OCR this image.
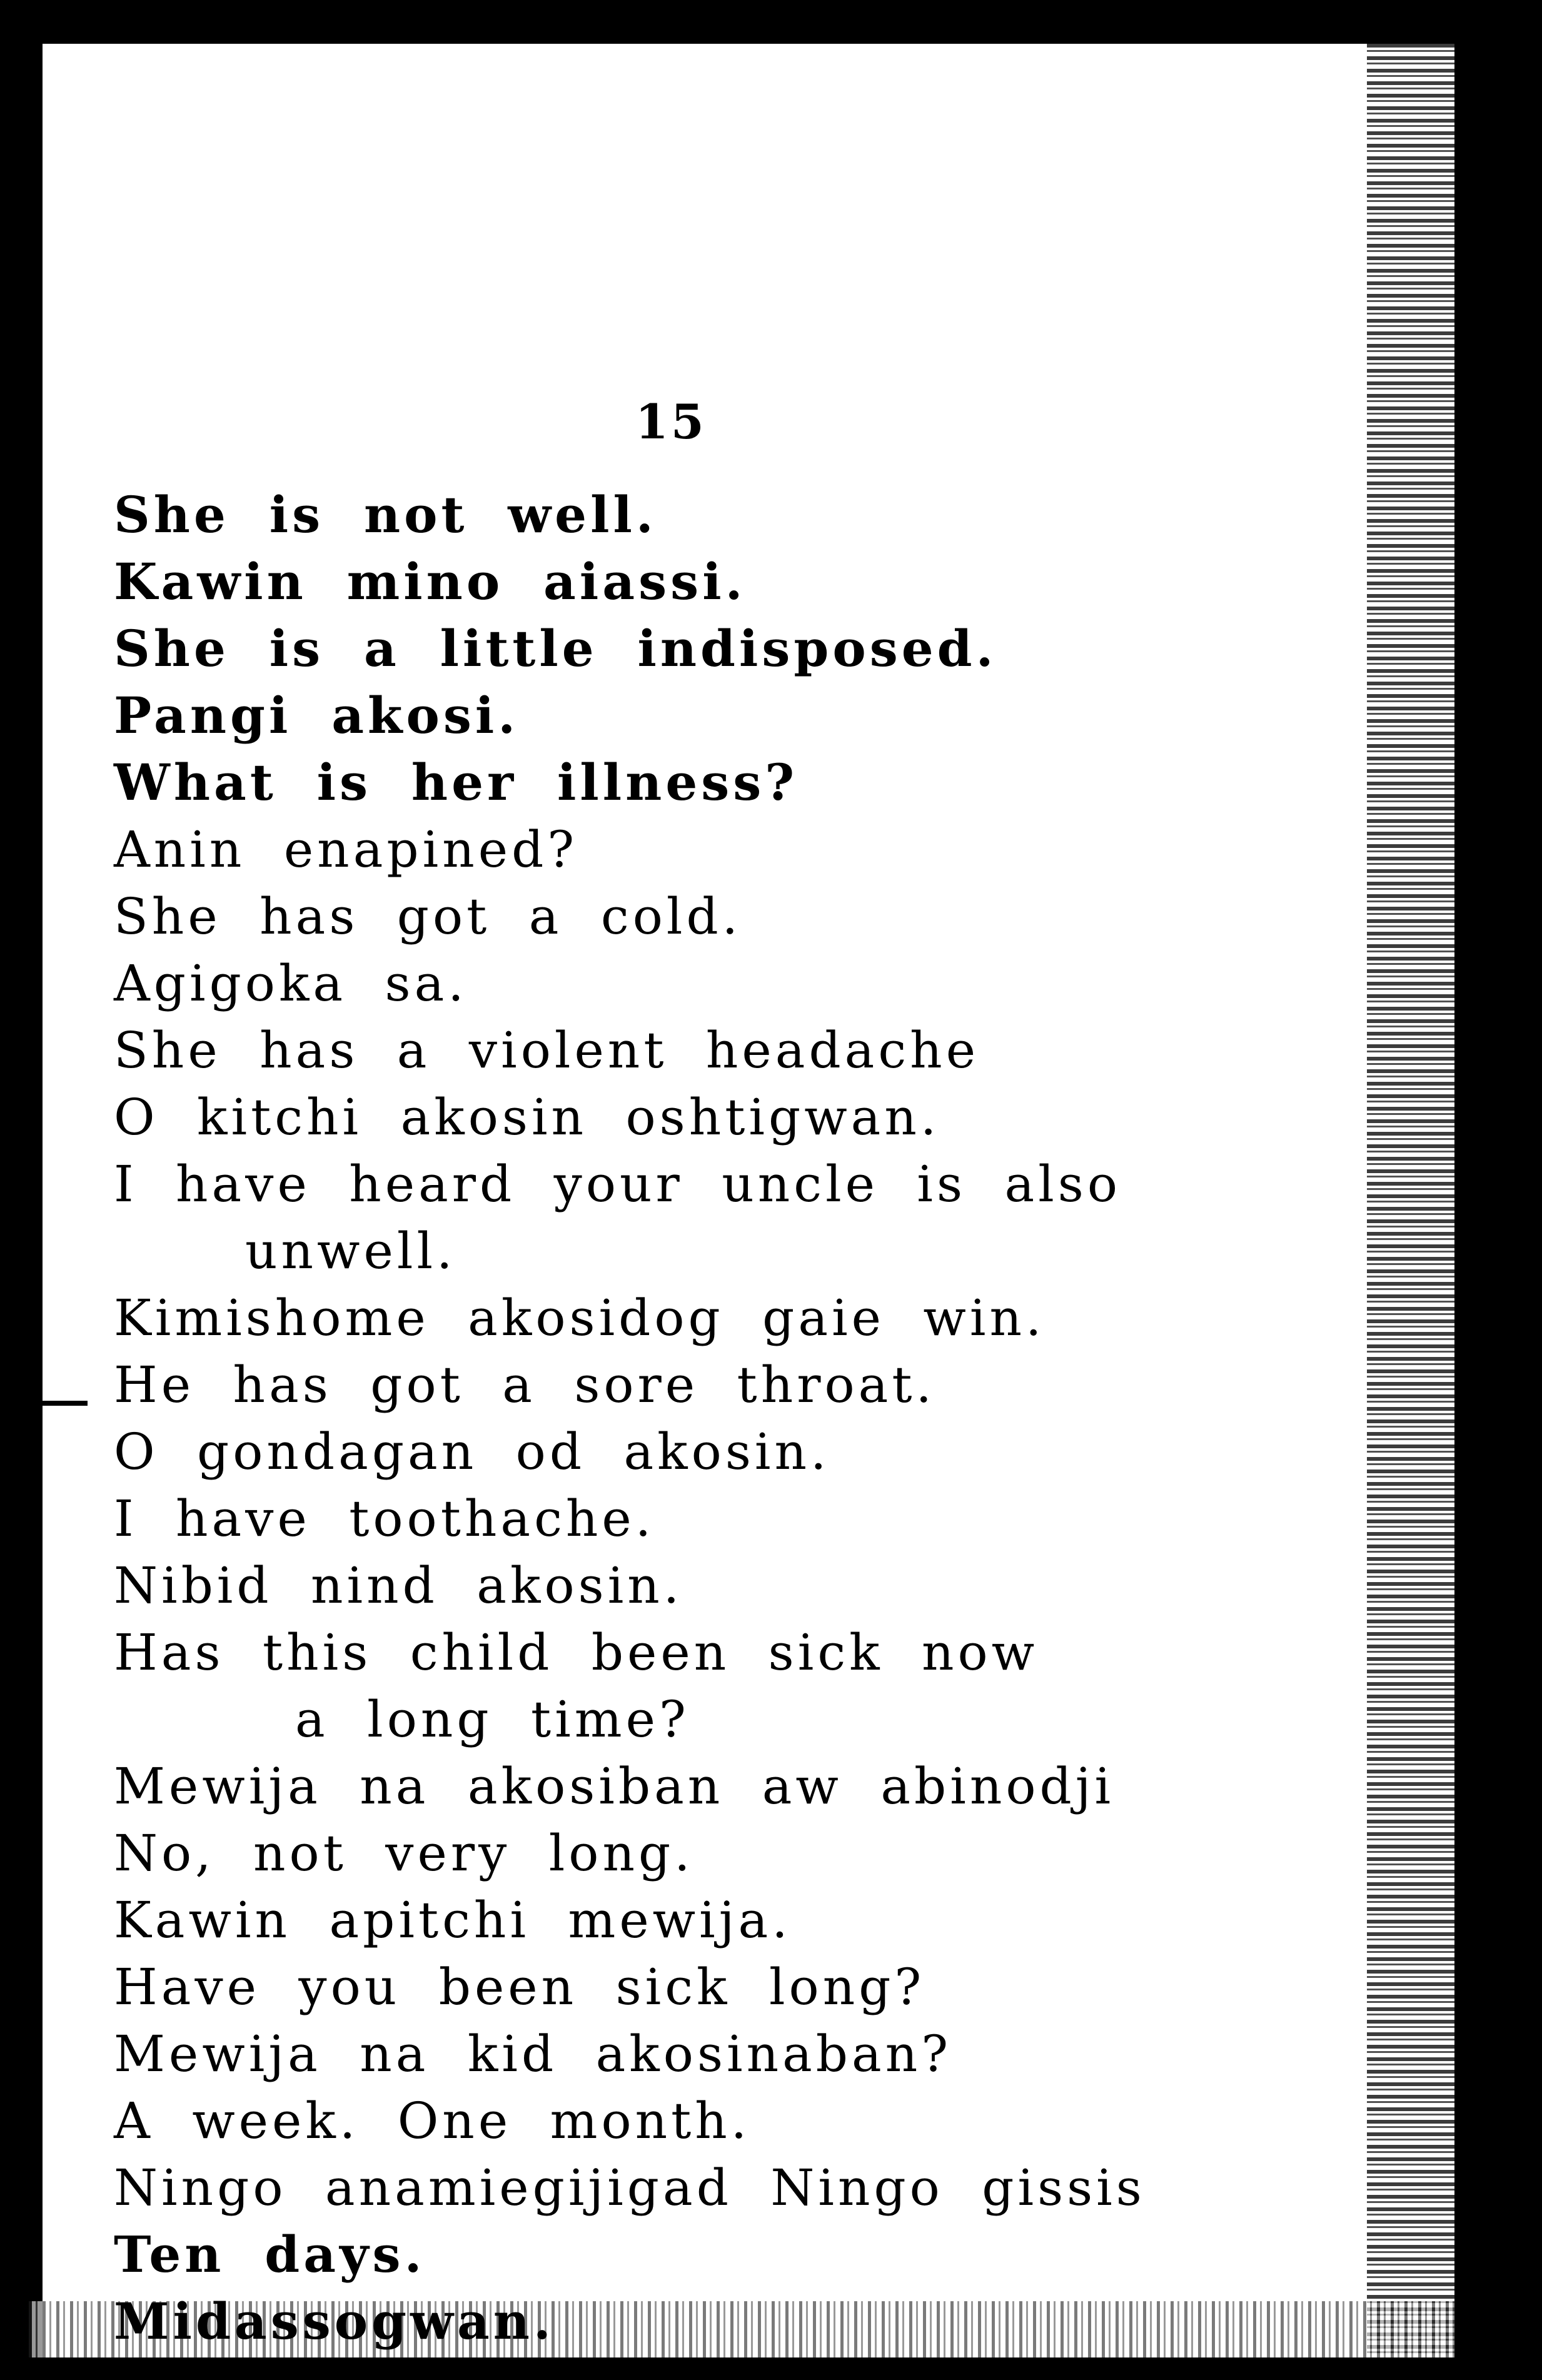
15
She is not well.
Kawin mino aiassi.
She is a little indisposed.
Pangi akosi.
What is her illness?
Anin enapined?
She has got a cold.
Agigoka sa.
She has a violent headache
O kitchi akosin oshtigwan.
I have heard your uncle is also
unwell.
Kimishome akosidog gaie win.
He has got a sore throat.
O gondagan od akosin.
I have toothache.
Nibid nind akosin.
Has this child been sick now
a long time?
Mewija na akosiban aw abinodji
No, not very long.
Kawin apitchi mewija.
Have you been sick long?
Mewija na kid akosinaban?
A week. One month.
Ningo anamiegijigad Ningo gissis
Ten days.
Midassogwan.
